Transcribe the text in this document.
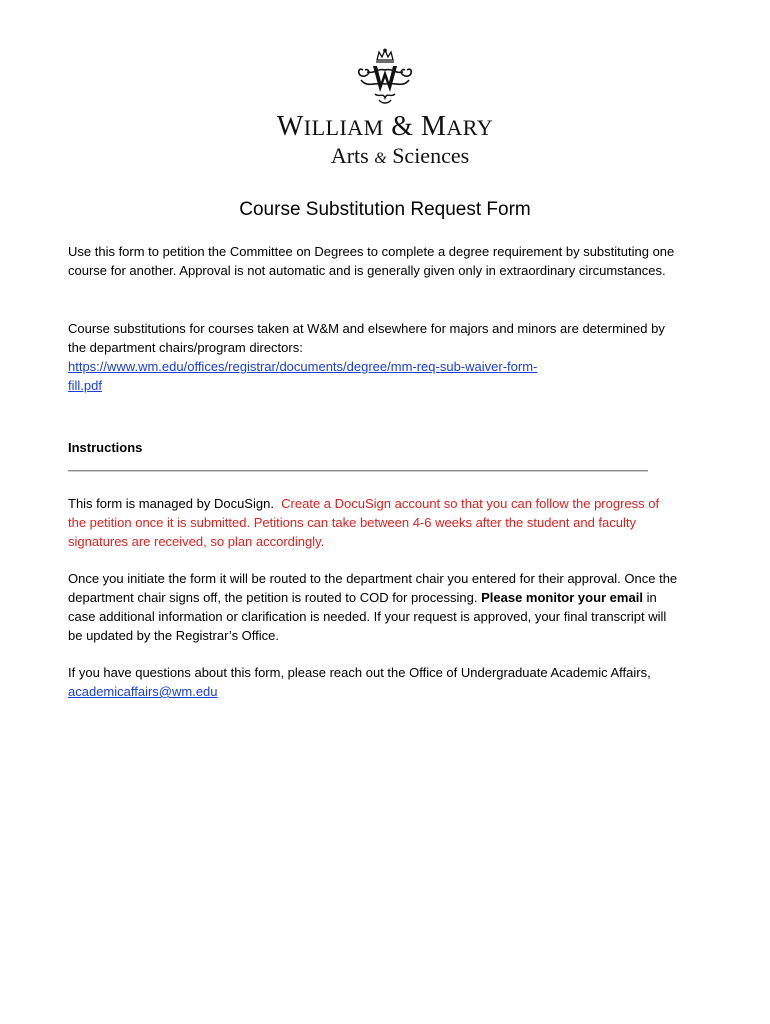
WILLIAM & MARY
Arts & Sciences
Course Substitution Request Form

Use this form to petition the Committee on Degrees to complete a degree requirement by substituting one course for another. Approval is not automatic and is generally given only in extraordinary circumstances.

Course substitutions for courses taken at W&M and elsewhere for majors and minors are determined by the department chairs/program directors:
https://www.wm.edu/offices/registrar/documents/degree/mm-req-sub-waiver-form-
fill.pdf

Instructions

This form is managed by DocuSign. Create a DocuSign account so that you can follow the progress of the petition once it is submitted. Petitions can take between 4-6 weeks after the student and faculty signatures are received, so plan accordingly.

Once you initiate the form it will be routed to the department chair you entered for their approval. Once the department chair signs off, the petition is routed to COD for processing. Please monitor your email in case additional information or clarification is needed. If your request is approved, your final transcript will be updated by the Registrar’s Office.

If you have questions about this form, please reach out the Office of Undergraduate Academic Affairs, academicaffairs@wm.edu
